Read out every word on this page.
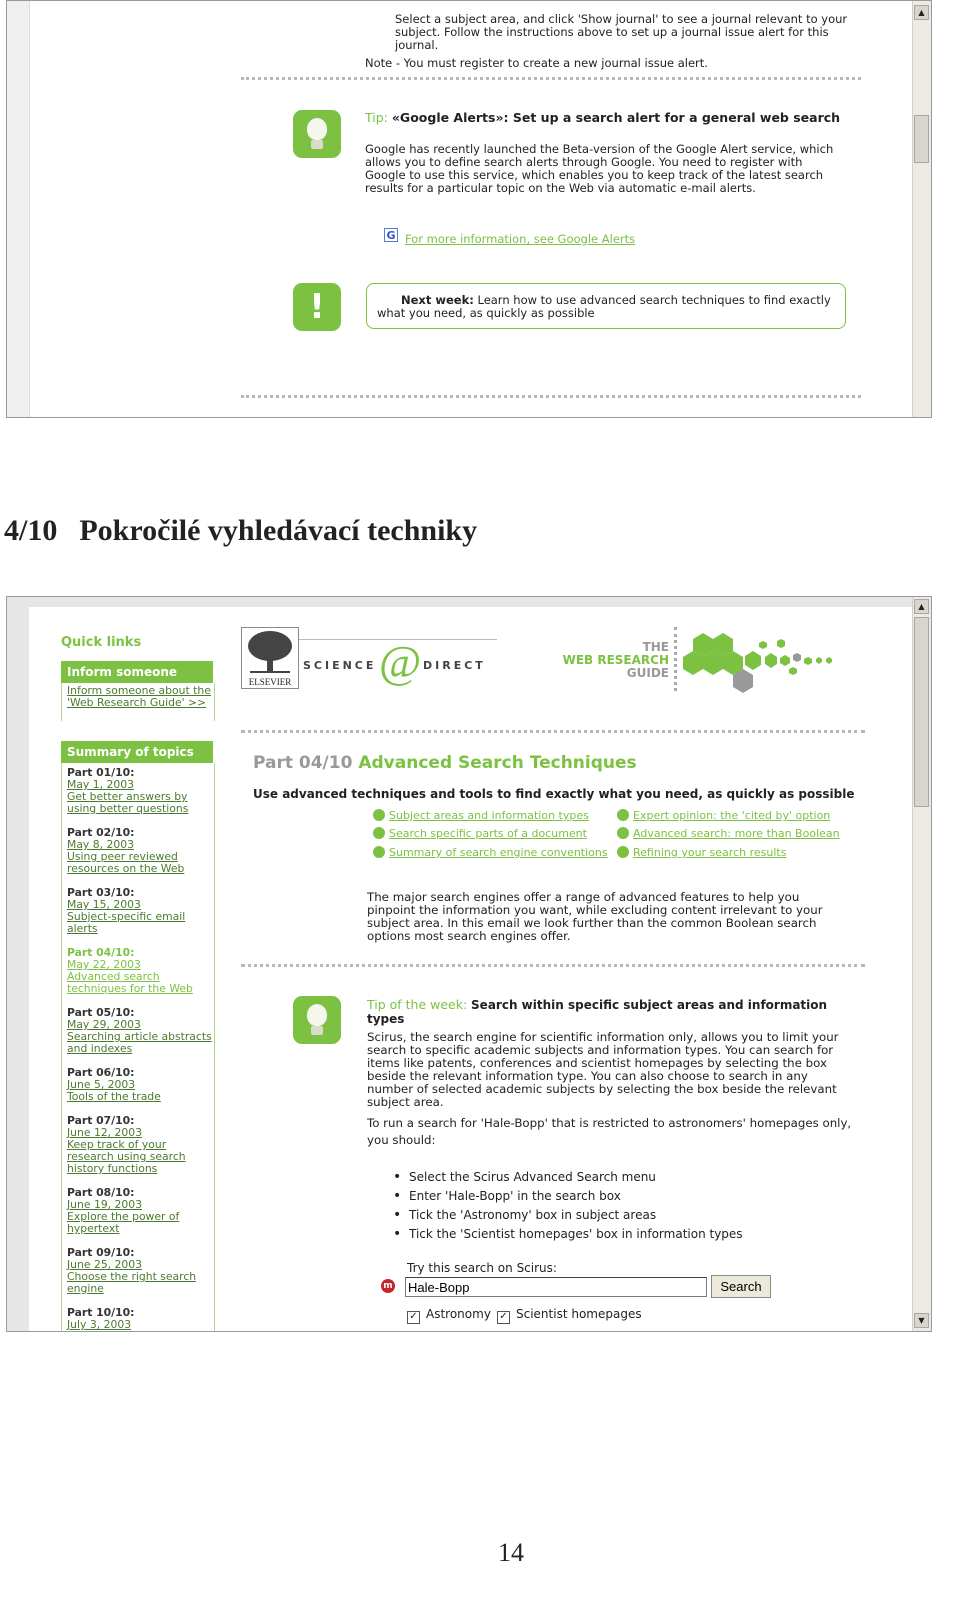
Select a subject area, and click 'Show journal' to see a journal relevant to your subject. Follow the instructions above to set up a journal issue alert for this journal.
Note - You must register to create a new journal issue alert.
Tip: «Google Alerts»: Set up a search alert for a general web search
Google has recently launched the Beta-version of the Google Alert service, which allows you to define search alerts through Google. You need to register with Google to use this service, which enables you to keep track of the latest search results for a particular topic on the Web via automatic e-mail alerts.
G For more information, see Google Alerts
!	Next week: Learn how to use advanced search techniques to find exactly what you need, as quickly as possible
▲
4/10 Pokročilé vyhledávací techniky
Quick links
Inform someone
Inform someone about the 'Web Research Guide' >>
Summary of topics
Part 01/10:
May 1, 2003
Get better answers by using better questions
Part 02/10:
May 8, 2003
Using peer reviewed resources on the Web
Part 03/10:
May 15, 2003
Subject-specific email alerts
Part 04/10:
May 22, 2003
Advanced search techniques for the Web
Part 05/10:
May 29, 2003
Searching article abstracts and indexes
Part 06/10:
June 5, 2003
Tools of the trade
Part 07/10:
June 12, 2003
Keep track of your research using search history functions
Part 08/10:
June 19, 2003
Explore the power of hypertext
Part 09/10:
June 25, 2003
Choose the right search engine
Part 10/10:
July 3, 2003
ELSEVIER
SCIENCE @ DIRECT
THE
WEB RESEARCH
GUIDE
Part 04/10 Advanced Search Techniques
Use advanced techniques and tools to find exactly what you need, as quickly as possible
Subject areas and information types
Search specific parts of a document
Summary of search engine conventions
Expert opinion: the 'cited by' option
Advanced search: more than Boolean
Refining your search results
The major search engines offer a range of advanced features to help you pinpoint the information you want, while excluding content irrelevant to your subject area. In this email we look further than the common Boolean search options most search engines offer.
Tip of the week: Search within specific subject areas and information types
Scirus, the search engine for scientific information only, allows you to limit your search to specific academic subjects and information types. You can search for items like patents, conferences and scientist homepages by selecting the box beside the relevant information type. You can also choose to search in any number of selected academic subjects by selecting the box beside the relevant subject area.
To run a search for 'Hale-Bopp' that is restricted to astronomers' homepages only, you should:
• Select the Scirus Advanced Search menu
• Enter 'Hale-Bopp' in the search box
• Tick the 'Astronomy' box in subject areas
• Tick the 'Scientist homepages' box in information types
Try this search on Scirus:
m
Hale-Bopp	Search
✓ Astronomy ✓ Scientist homepages
▲
▼
14
